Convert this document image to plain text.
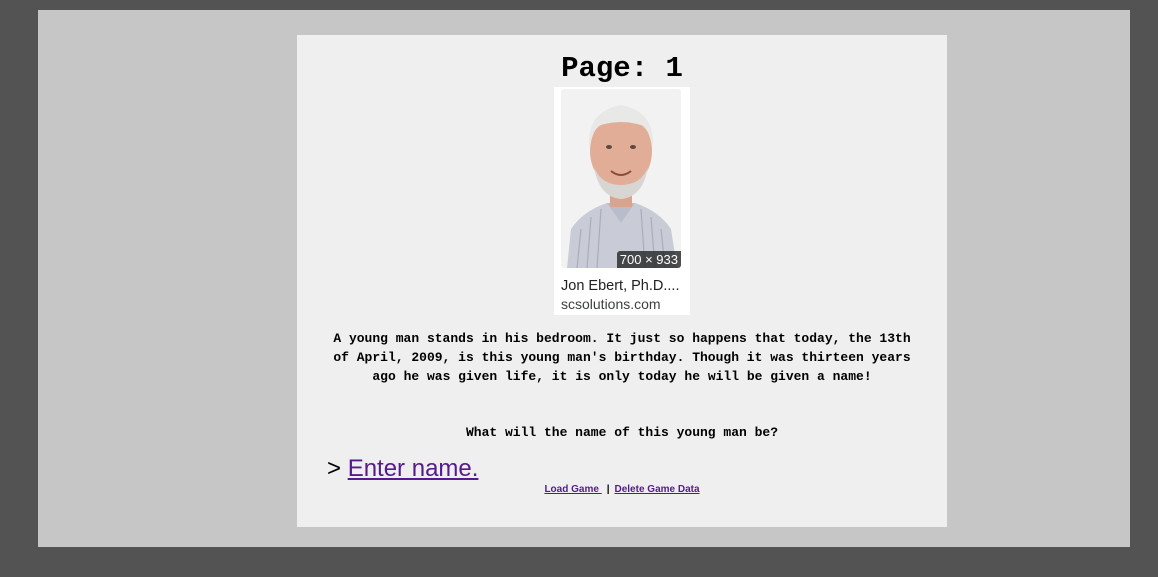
Page: 1
700 × 933
Jon Ebert, Ph.D....
scsolutions.com
A young man stands in his bedroom. It just so happens that today, the 13th of April, 2009, is this young man's birthday. Though it was thirteen years ago he was given life, it is only today he will be given a name!
What will the name of this young man be?
> Enter name.
Load Game | Delete Game Data
